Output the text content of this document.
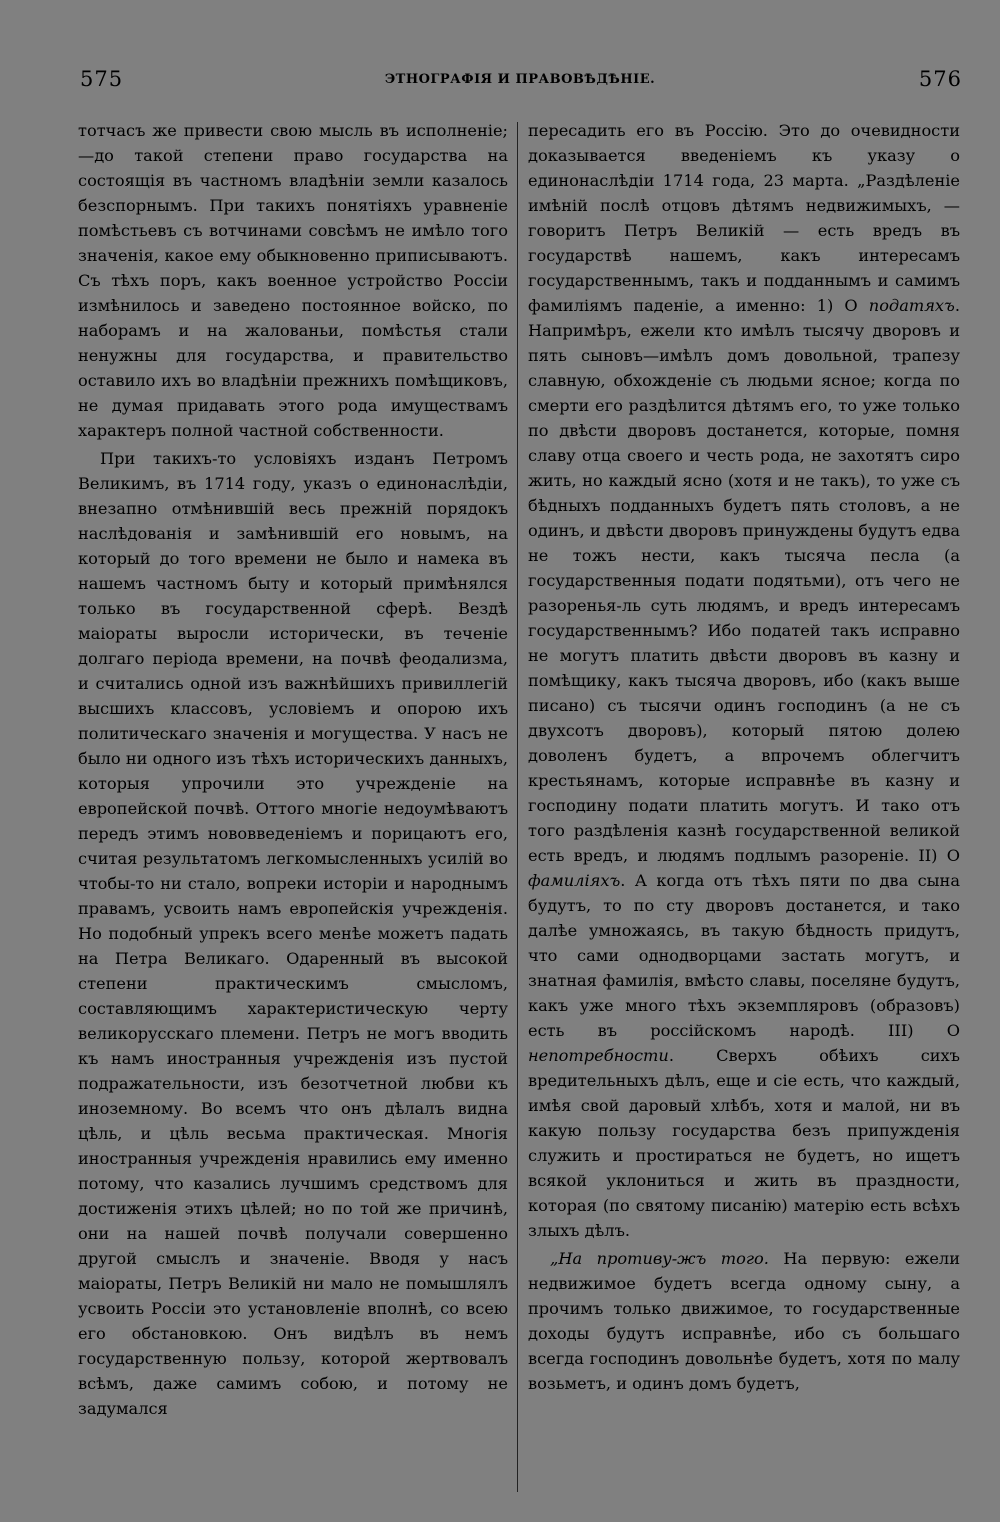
575	ЭТНОГРАФІЯ И ПРАВОВѢДѢНІЕ.	576

тотчасъ же привести свою мысль въ исполненіе;—до такой степени право государства на состоящія въ частномъ владѣніи земли казалось безспорнымъ. При такихъ понятіяхъ уравненіе помѣстьевъ съ вотчинами совсѣмъ не имѣло того значенія, какое ему обыкновенно приписываютъ. Съ тѣхъ поръ, какъ военное устройство Россіи измѣнилось и заведено постоянное войско, по наборамъ и на жалованьи, помѣстья стали ненужны для государства, и правительство оставило ихъ во владѣніи прежнихъ помѣщиковъ, не думая придавать этого рода имуществамъ характеръ полной частной собственности.

При такихъ-то условіяхъ изданъ Петромъ Великимъ, въ 1714 году, указъ о единонаслѣдіи, внезапно отмѣнившій весь прежній порядокъ наслѣдованія и замѣнившій его новымъ, на который до того времени не было и намека въ нашемъ частномъ быту и который примѣнялся только въ государственной сферѣ. Вездѣ маіораты выросли исторически, въ теченіе долгаго періода времени, на почвѣ феодализма, и считались одной изъ важнѣйшихъ привиллегій высшихъ классовъ, условіемъ и опорою ихъ политическаго значенія и могущества. У насъ не было ни одного изъ тѣхъ историческихъ данныхъ, которыя упрочили это учрежденіе на европейской почвѣ. Оттого многіе недоумѣваютъ передъ этимъ нововведеніемъ и порицаютъ его, считая результатомъ легкомысленныхъ усилій во чтобы-то ни стало, вопреки исторіи и народнымъ правамъ, усвоить намъ европейскія учрежденія. Но подобный упрекъ всего менѣе можетъ падать на Петра Великаго. Одаренный въ высокой степени практическимъ смысломъ, составляющимъ характеристическую черту великорусскаго племени. Петръ не могъ вводить къ намъ иностранныя учрежденія изъ пустой подражательности, изъ безотчетной любви къ иноземному. Во всемъ что онъ дѣлалъ видна цѣль, и цѣль весьма практическая. Многія иностранныя учрежденія нравились ему именно потому, что казались лучшимъ средствомъ для достиженія этихъ цѣлей; но по той же причинѣ, они на нашей почвѣ получали совершенно другой смыслъ и значеніе. Вводя у насъ маіораты, Петръ Великій ни мало не помышлялъ усвоить Россіи это установленіе вполнѣ, со всею его обстановкою. Онъ видѣлъ въ немъ государственную пользу, которой жертвовалъ всѣмъ, даже самимъ собою, и потому не задумался

пересадить его въ Россію. Это до очевидности доказывается введеніемъ къ указу о единонаслѣдіи 1714 года, 23 марта. „Раздѣленіе имѣній послѣ отцовъ дѣтямъ недвижимыхъ, — говоритъ Петръ Великій — есть вредъ въ государствѣ нашемъ, какъ интересамъ государственнымъ, такъ и подданнымъ и самимъ фамиліямъ паденіе, а именно: 1) О податяхъ. Напримѣръ, ежели кто имѣлъ тысячу дворовъ и пять сыновъ—имѣлъ домъ довольной, трапезу славную, обхожденіе съ людьми ясное; когда по смерти его раздѣлится дѣтямъ его, то уже только по двѣсти дворовъ достанется, которые, помня славу отца своего и честь рода, не захотятъ сиро жить, но каждый ясно (хотя и не такъ), то уже съ бѣдныхъ подданныхъ будетъ пять столовъ, а не одинъ, и двѣсти дворовъ принуждены будутъ едва не тожъ нести, какъ тысяча песла (а государственныя подати подятьми), отъ чего не разоренья-ль суть людямъ, и вредъ интересамъ государственнымъ? Ибо податей такъ исправно не могутъ платить двѣсти дворовъ въ казну и помѣщику, какъ тысяча дворовъ, ибо (какъ выше писано) съ тысячи одинъ господинъ (а не съ двухсотъ дворовъ), который пятою долею доволенъ будетъ, а впрочемъ облегчитъ крестьянамъ, которые исправнѣе въ казну и господину подати платить могутъ. И тако отъ того раздѣленія казнѣ государственной великой есть вредъ, и людямъ подлымъ разореніе. II) О фамиліяхъ. А когда отъ тѣхъ пяти по два сына будутъ, то по сту дворовъ достанется, и тако далѣе умножаясь, въ такую бѣдность придутъ, что сами однодворцами застать могутъ, и знатная фамилія, вмѣсто славы, поселяне будутъ, какъ уже много тѣхъ экземпляровъ (образовъ) есть въ россійскомъ народѣ. III) О непотребности. Сверхъ обѣихъ сихъ вредительныхъ дѣлъ, еще и сіе есть, что каждый, имѣя свой даровый хлѣбъ, хотя и малой, ни въ какую пользу государства безъ припужденія служить и простираться не будетъ, но ищетъ всякой уклониться и жить въ праздности, которая (по святому писанію) матерію есть всѣхъ злыхъ дѣлъ.

„На противу-жъ того. На первую: ежели недвижимое будетъ всегда одному сыну, а прочимъ только движимое, то государственные доходы будутъ исправнѣе, ибо съ большаго всегда господинъ довольнѣе будетъ, хотя по малу возьметъ, и одинъ домъ будетъ,
